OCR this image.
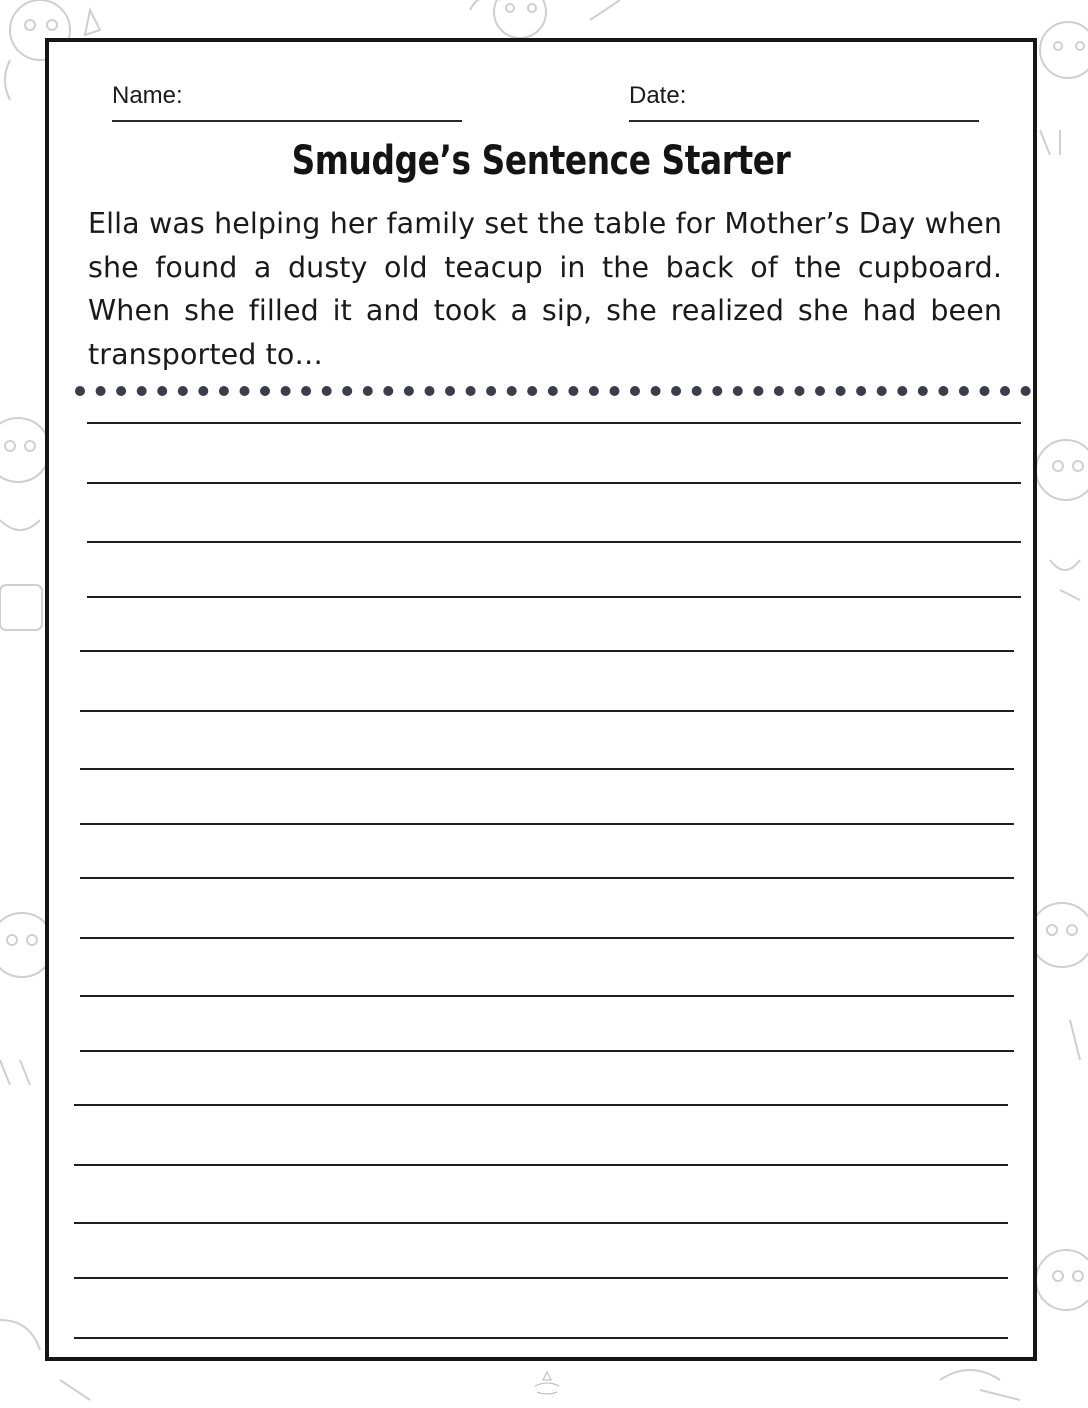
Name:	Date:
Smudge’s Sentence Starter
Ella was helping her family set the table for Mother’s Day when she found a dusty old teacup in the back of the cupboard. When she filled it and took a sip, she realized she had been transported to…
